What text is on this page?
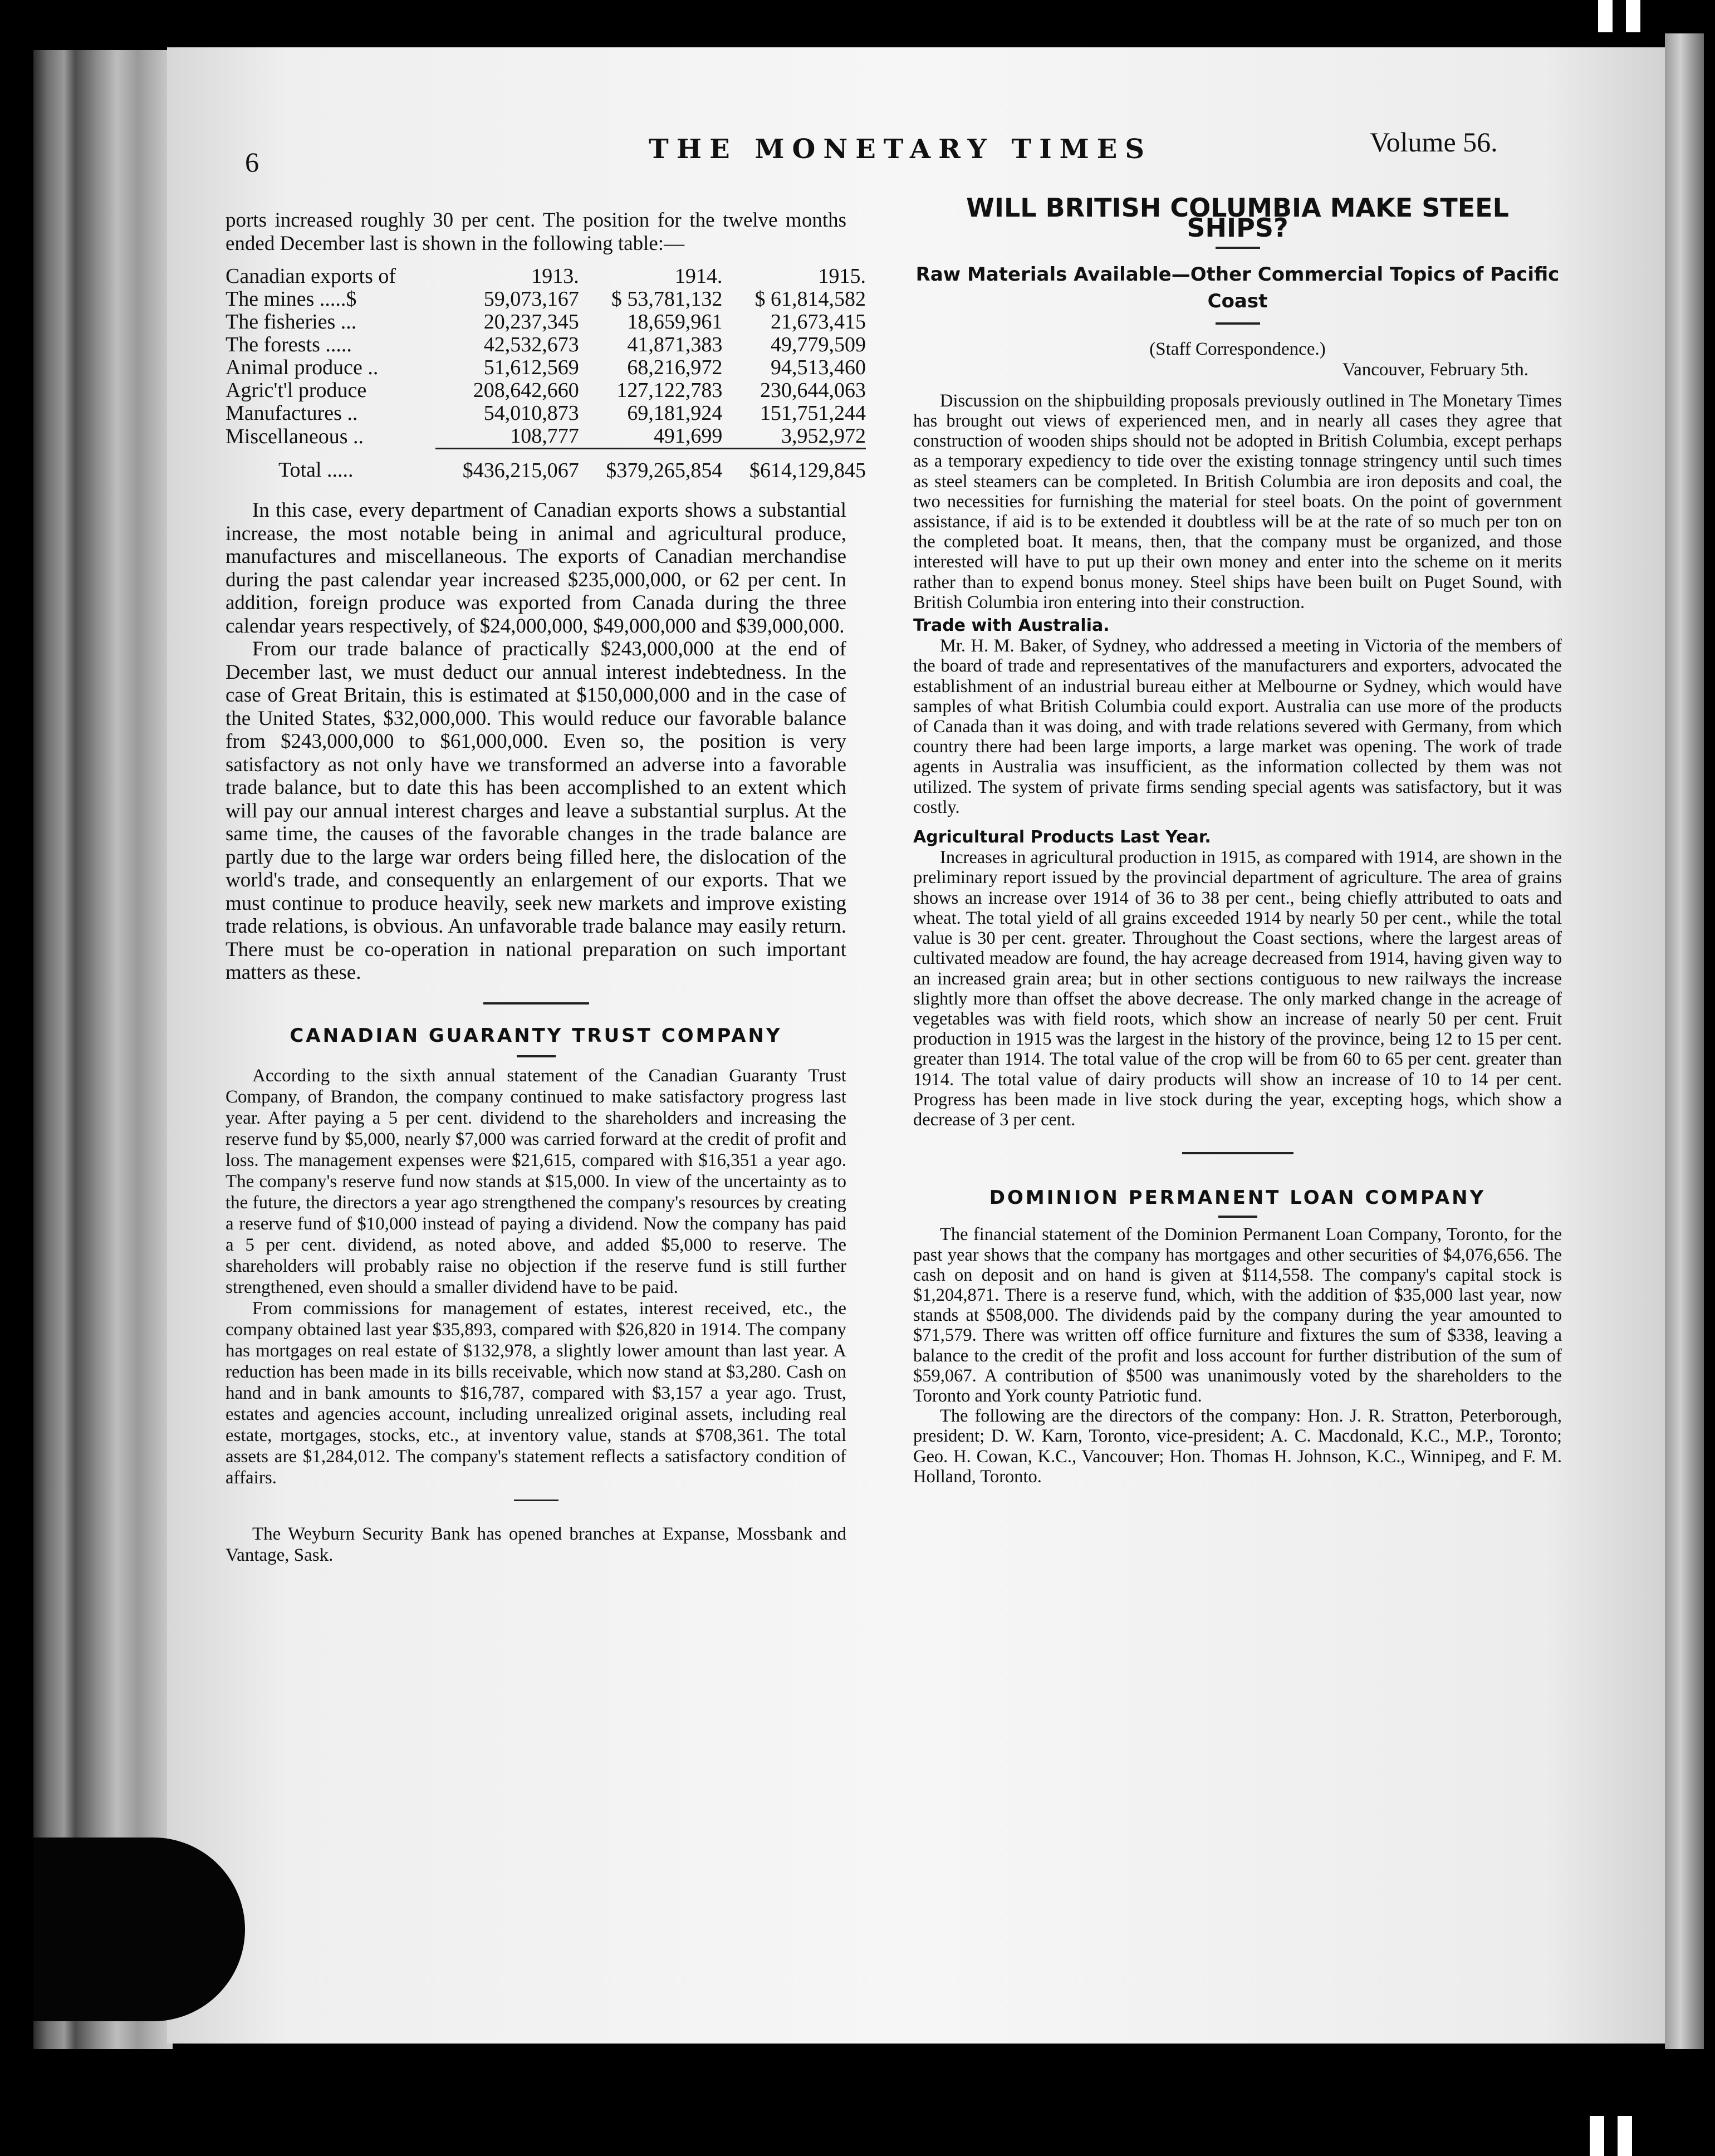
6	THE MONETARY TIMES	Volume 56.

ports increased roughly 30 per cent. The position for the twelve months ended December last is shown in the following table:—

Canadian exports of	1913.	1914.	1915.
The mines .....$	59,073,167	$ 53,781,132	$ 61,814,582
The fisheries ...	20,237,345	18,659,961	21,673,415
The forests .....	42,532,673	41,871,383	49,779,509
Animal produce ..	51,612,569	68,216,972	94,513,460
Agric't'l produce	208,642,660	127,122,783	230,644,063
Manufactures ..	54,010,873	69,181,924	151,751,244
Miscellaneous ..	108,777	491,699	3,952,972
Total .....	$436,215,067	$379,265,854	$614,129,845

In this case, every department of Canadian exports shows a substantial increase, the most notable being in animal and agricultural produce, manufactures and miscellaneous. The exports of Canadian merchandise during the past calendar year increased $235,000,000, or 62 per cent. In addition, foreign produce was exported from Canada during the three calendar years respectively, of $24,000,000, $49,000,000 and $39,000,000.

From our trade balance of practically $243,000,000 at the end of December last, we must deduct our annual interest indebtedness. In the case of Great Britain, this is estimated at $150,000,000 and in the case of the United States, $32,000,000. This would reduce our favorable balance from $243,000,000 to $61,000,000. Even so, the position is very satisfactory as not only have we transformed an adverse into a favorable trade balance, but to date this has been accomplished to an extent which will pay our annual interest charges and leave a substantial surplus. At the same time, the causes of the favorable changes in the trade balance are partly due to the large war orders being filled here, the dislocation of the world's trade, and consequently an enlargement of our exports. That we must continue to produce heavily, seek new markets and improve existing trade relations, is obvious. An unfavorable trade balance may easily return. There must be co-operation in national preparation on such important matters as these.

CANADIAN GUARANTY TRUST COMPANY

According to the sixth annual statement of the Canadian Guaranty Trust Company, of Brandon, the company continued to make satisfactory progress last year. After paying a 5 per cent. dividend to the shareholders and increasing the reserve fund by $5,000, nearly $7,000 was carried forward at the credit of profit and loss. The management expenses were $21,615, compared with $16,351 a year ago. The company's reserve fund now stands at $15,000. In view of the uncertainty as to the future, the directors a year ago strengthened the company's resources by creating a reserve fund of $10,000 instead of paying a dividend. Now the company has paid a 5 per cent. dividend, as noted above, and added $5,000 to reserve. The shareholders will probably raise no objection if the reserve fund is still further strengthened, even should a smaller dividend have to be paid.

From commissions for management of estates, interest received, etc., the company obtained last year $35,893, compared with $26,820 in 1914. The company has mortgages on real estate of $132,978, a slightly lower amount than last year. A reduction has been made in its bills receivable, which now stand at $3,280. Cash on hand and in bank amounts to $16,787, compared with $3,157 a year ago. Trust, estates and agencies account, including unrealized original assets, including real estate, mortgages, stocks, etc., at inventory value, stands at $708,361. The total assets are $1,284,012. The company's statement reflects a satisfactory condition of affairs.

The Weyburn Security Bank has opened branches at Expanse, Mossbank and Vantage, Sask.

WILL BRITISH COLUMBIA MAKE STEEL SHIPS?
Raw Materials Available—Other Commercial Topics of Pacific Coast
(Staff Correspondence.)
Vancouver, February 5th.

Discussion on the shipbuilding proposals previously outlined in The Monetary Times has brought out views of experienced men, and in nearly all cases they agree that construction of wooden ships should not be adopted in British Columbia, except perhaps as a temporary expediency to tide over the existing tonnage stringency until such times as steel steamers can be completed. In British Columbia are iron deposits and coal, the two necessities for furnishing the material for steel boats. On the point of government assistance, if aid is to be extended it doubtless will be at the rate of so much per ton on the completed boat. It means, then, that the company must be organized, and those interested will have to put up their own money and enter into the scheme on it merits rather than to expend bonus money. Steel ships have been built on Puget Sound, with British Columbia iron entering into their construction.

Trade with Australia.

Mr. H. M. Baker, of Sydney, who addressed a meeting in Victoria of the members of the board of trade and representatives of the manufacturers and exporters, advocated the establishment of an industrial bureau either at Melbourne or Sydney, which would have samples of what British Columbia could export. Australia can use more of the products of Canada than it was doing, and with trade relations severed with Germany, from which country there had been large imports, a large market was opening. The work of trade agents in Australia was insufficient, as the information collected by them was not utilized. The system of private firms sending special agents was satisfactory, but it was costly.

Agricultural Products Last Year.

Increases in agricultural production in 1915, as compared with 1914, are shown in the preliminary report issued by the provincial department of agriculture. The area of grains shows an increase over 1914 of 36 to 38 per cent., being chiefly attributed to oats and wheat. The total yield of all grains exceeded 1914 by nearly 50 per cent., while the total value is 30 per cent. greater. Throughout the Coast sections, where the largest areas of cultivated meadow are found, the hay acreage decreased from 1914, having given way to an increased grain area; but in other sections contiguous to new railways the increase slightly more than offset the above decrease. The only marked change in the acreage of vegetables was with field roots, which show an increase of nearly 50 per cent. Fruit production in 1915 was the largest in the history of the province, being 12 to 15 per cent. greater than 1914. The total value of the crop will be from 60 to 65 per cent. greater than 1914. The total value of dairy products will show an increase of 10 to 14 per cent. Progress has been made in live stock during the year, excepting hogs, which show a decrease of 3 per cent.

DOMINION PERMANENT LOAN COMPANY

The financial statement of the Dominion Permanent Loan Company, Toronto, for the past year shows that the company has mortgages and other securities of $4,076,656. The cash on deposit and on hand is given at $114,558. The company's capital stock is $1,204,871. There is a reserve fund, which, with the addition of $35,000 last year, now stands at $508,000. The dividends paid by the company during the year amounted to $71,579. There was written off office furniture and fixtures the sum of $338, leaving a balance to the credit of the profit and loss account for further distribution of the sum of $59,067. A contribution of $500 was unanimously voted by the shareholders to the Toronto and York county Patriotic fund.

The following are the directors of the company: Hon. J. R. Stratton, Peterborough, president; D. W. Karn, Toronto, vice-president; A. C. Macdonald, K.C., M.P., Toronto; Geo. H. Cowan, K.C., Vancouver; Hon. Thomas H. Johnson, K.C., Winnipeg, and F. M. Holland, Toronto.
